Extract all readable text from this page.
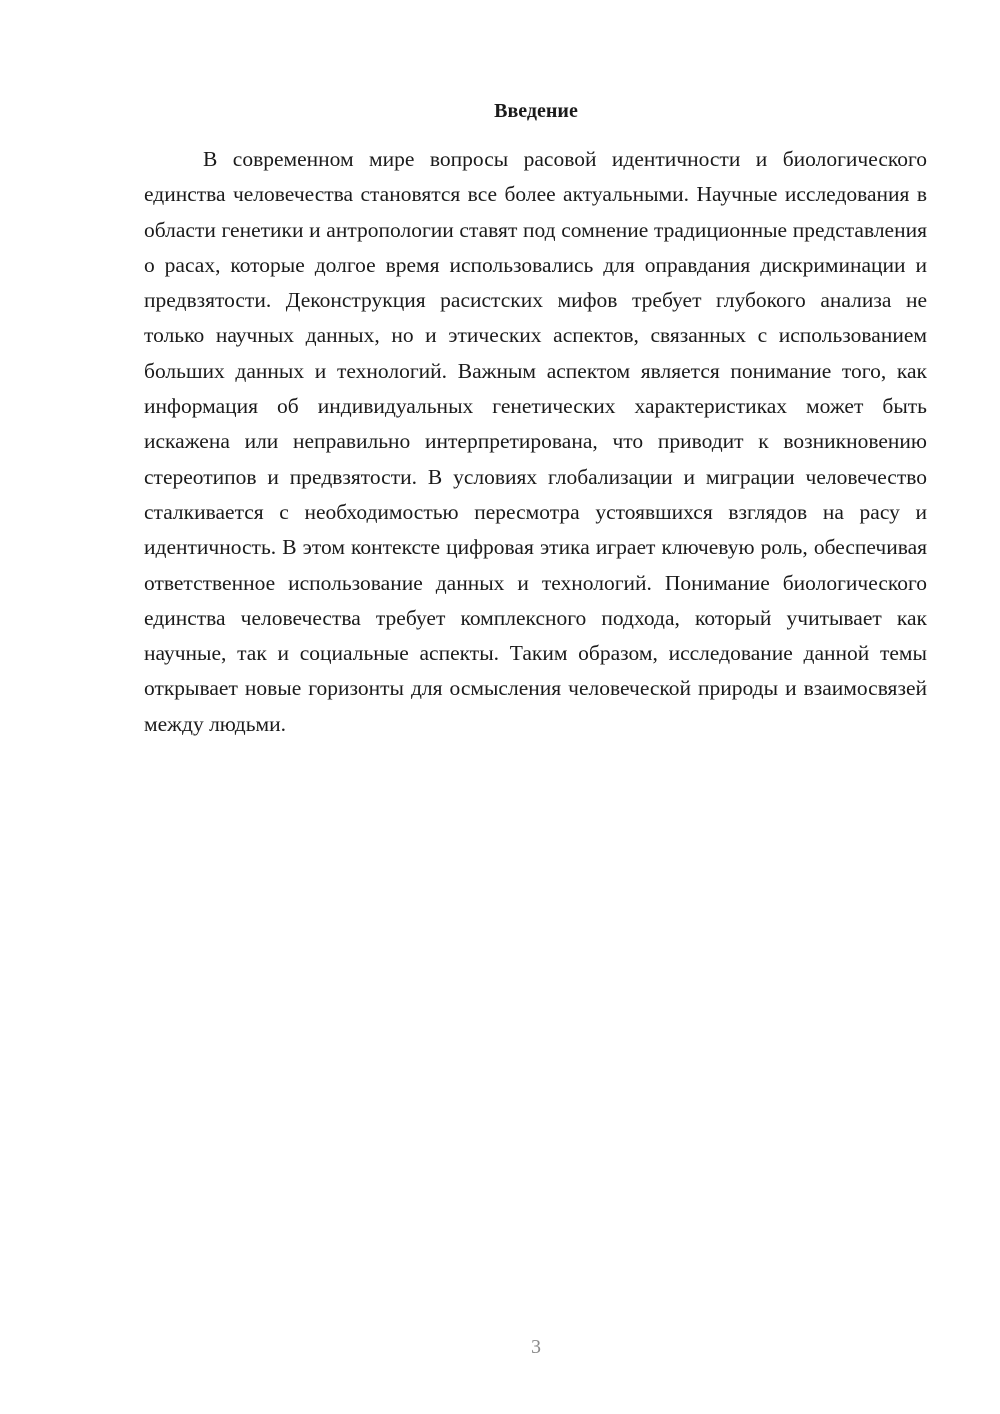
Введение

В современном мире вопросы расовой идентичности и биологического единства человечества становятся все более актуальными. Научные исследования в области генетики и антропологии ставят под сомнение традиционные представления о расах, которые долгое время использовались для оправдания дискриминации и предвзятости. Деконструкция расистских мифов требует глубокого анализа не только научных данных, но и этических аспектов, связанных с использованием больших данных и технологий. Важным аспектом является понимание того, как информация об индивидуальных генетических характеристиках может быть искажена или неправильно интерпретирована, что приводит к возникновению стереотипов и предвзятости. В условиях глобализации и миграции человечество сталкивается с необходимостью пересмотра устоявшихся взглядов на расу и идентичность. В этом контексте цифровая этика играет ключевую роль, обеспечивая ответственное использование данных и технологий. Понимание биологического единства человечества требует комплексного подхода, который учитывает как научные, так и социальные аспекты. Таким образом, исследование данной темы открывает новые горизонты для осмысления человеческой природы и взаимосвязей между людьми.

3
